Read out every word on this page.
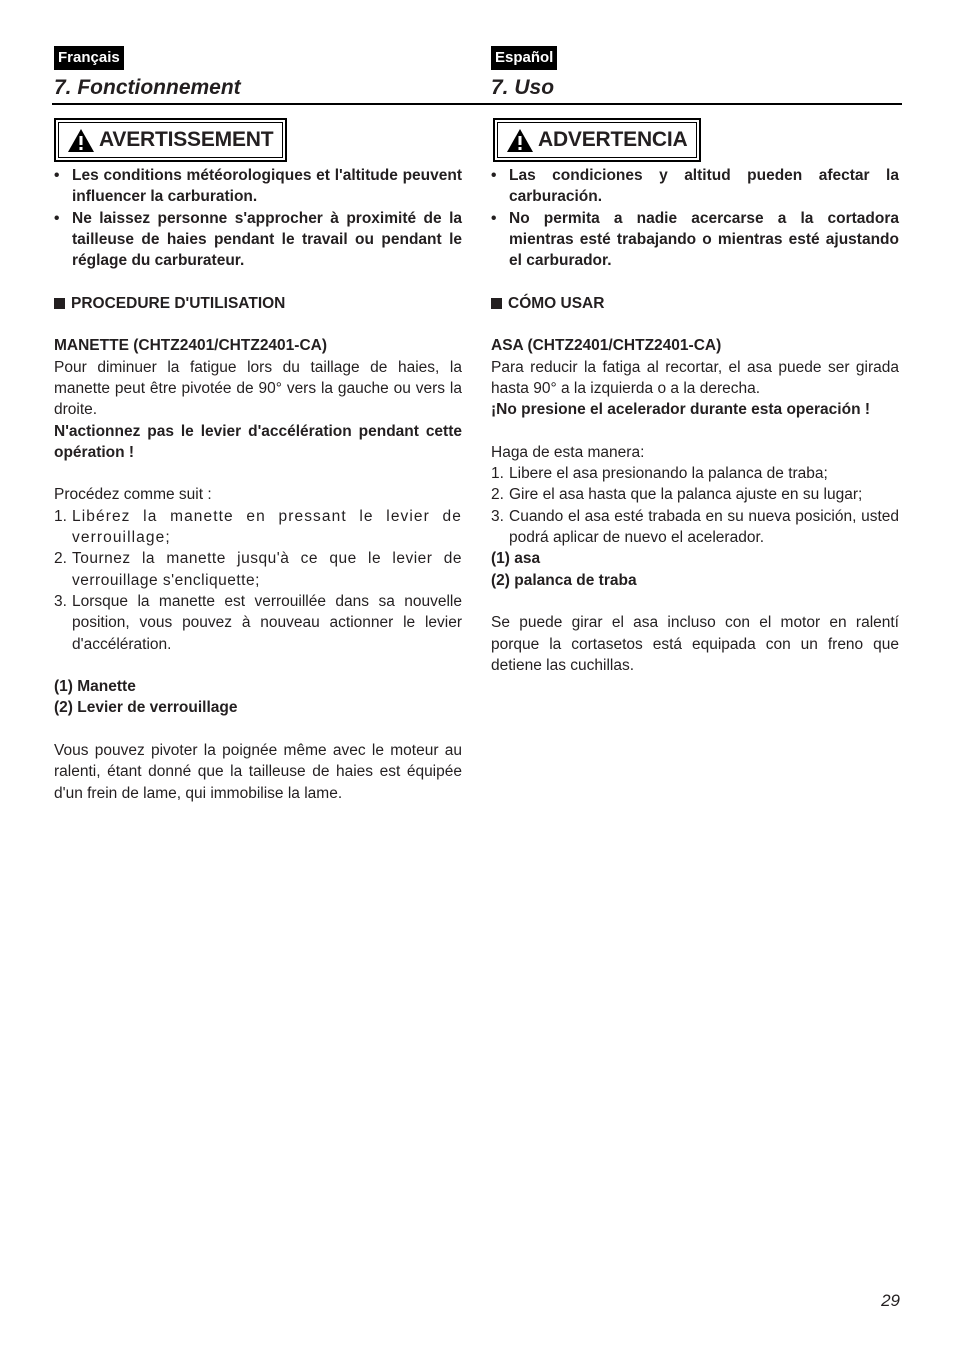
Français
7. Fonctionnement
Español
7. Uso
AVERTISSEMENT	ADVERTENCIA
• Les conditions météorologiques et l'altitude peuvent influencer la carburation.
• Ne laissez personne s'approcher à proximité de la tailleuse de haies pendant le travail ou pendant le réglage du carburateur.
PROCEDURE D'UTILISATION
MANETTE (CHTZ2401/CHTZ2401-CA)

Pour diminuer la fatigue lors du taillage de haies, la manette peut être pivotée de 90° vers la gauche ou vers la droite.

N'actionnez pas le levier d'accélération pendant cette opération !

Procédez comme suit :

1. Libérez la manette en pressant le levier de verrouillage;
2. Tournez la manette jusqu'à ce que le levier de verrouillage s'encliquette;
3. Lorsque la manette est verrouillée dans sa nouvelle position, vous pouvez à nouveau actionner le levier d'accélération.
(1) Manette
(2) Levier de verrouillage

Vous pouvez pivoter la poignée même avec le moteur au ralenti, étant donné que la tailleuse de haies est équipée d'un frein de lame, qui immobilise la lame.

• Las condiciones y altitud pueden afectar la carburación.
• No permita a nadie acercarse a la cortadora mientras esté trabajando o mientras esté ajustando el carburador.
CÓMO USAR
ASA (CHTZ2401/CHTZ2401-CA)

Para reducir la fatiga al recortar, el asa puede ser girada hasta 90° a la izquierda o a la derecha.

¡No presione el acelerador durante esta operación !

Haga de esta manera:

1. Libere el asa presionando la palanca de traba;
2. Gire el asa hasta que la palanca ajuste en su lugar;
3. Cuando el asa esté trabada en su nueva posición, usted podrá aplicar de nuevo el acelerador.
(1) asa
(2) palanca de traba

Se puede girar el asa incluso con el motor en ralentí porque la cortasetos está equipada con un freno que detiene las cuchillas.

29
